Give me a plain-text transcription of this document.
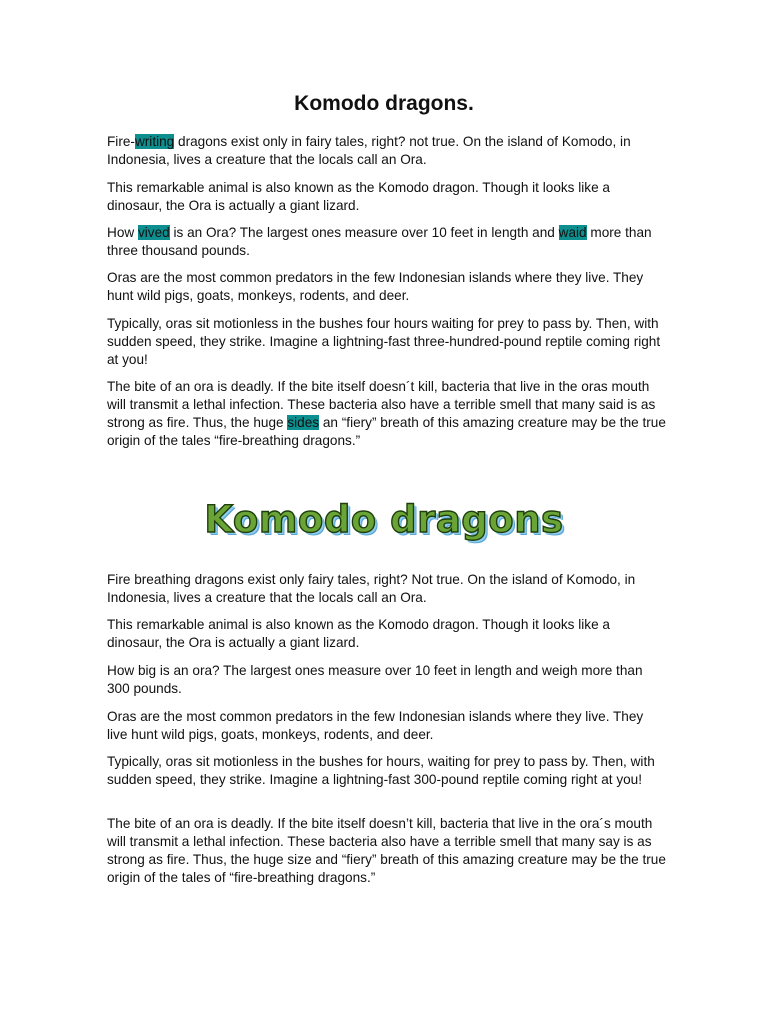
Komodo dragons.

Fire-writing dragons exist only in fairy tales, right? not true. On the island of Komodo, in Indonesia, lives a creature that the locals call an Ora.

This remarkable animal is also known as the Komodo dragon. Though it looks like a dinosaur, the Ora is actually a giant lizard.

How vived is an Ora? The largest ones measure over 10 feet in length and waid more than three thousand pounds.

Oras are the most common predators in the few Indonesian islands where they live. They hunt wild pigs, goats, monkeys, rodents, and deer.

Typically, oras sit motionless in the bushes four hours waiting for prey to pass by. Then, with sudden speed, they strike. Imagine a lightning-fast three-hundred-pound reptile coming right at you!

The bite of an ora is deadly. If the bite itself doesn´t kill, bacteria that live in the oras mouth will transmit a lethal infection. These bacteria also have a terrible smell that many said is as strong as fire. Thus, the huge sides an “fiery” breath of this amazing creature may be the true origin of the tales “fire-breathing dragons.”

Komodo dragons

Fire breathing dragons exist only fairy tales, right? Not true. On the island of Komodo, in Indonesia, lives a creature that the locals call an Ora.

This remarkable animal is also known as the Komodo dragon. Though it looks like a dinosaur, the Ora is actually a giant lizard.

How big is an ora? The largest ones measure over 10 feet in length and weigh more than 300 pounds.

Oras are the most common predators in the few Indonesian islands where they live. They live hunt wild pigs, goats, monkeys, rodents, and deer.

Typically, oras sit motionless in the bushes for hours, waiting for prey to pass by. Then, with sudden speed, they strike. Imagine a lightning-fast 300-pound reptile coming right at you!

The bite of an ora is deadly. If the bite itself doesn’t kill, bacteria that live in the ora´s mouth will transmit a lethal infection. These bacteria also have a terrible smell that many say is as strong as fire. Thus, the huge size and “fiery” breath of this amazing creature may be the true origin of the tales of “fire-breathing dragons.”
